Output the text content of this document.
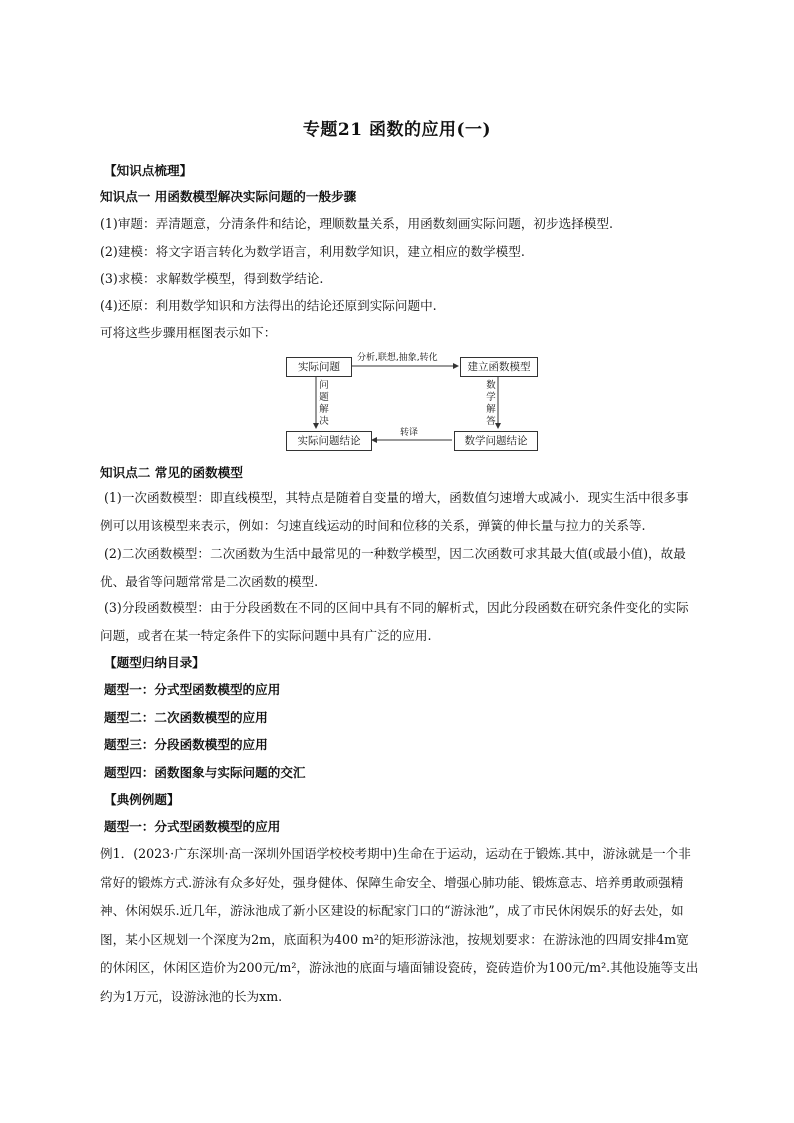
专题21 函数的应用(一)
【知识点梳理】
知识点一 用函数模型解决实际问题的一般步骤
(1)审题：弄清题意，分清条件和结论，理顺数量关系，用函数刻画实际问题，初步选择模型.
(2)建模：将文字语言转化为数学语言，利用数学知识，建立相应的数学模型.
(3)求模：求解数学模型，得到数学结论.
(4)还原：利用数学知识和方法得出的结论还原到实际问题中.
可将这些步骤用框图表示如下：
实际问题	建立函数模型
实际问题结论	数学问题结论
分析,联想,抽象,转化
问题解决
数学解答
转译
知识点二 常见的函数模型
(1)一次函数模型：即直线模型，其特点是随着自变量的增大，函数值匀速增大或减小．现实生活中很多事例可以用该模型来表示，例如：匀速直线运动的时间和位移的关系，弹簧的伸长量与拉力的关系等.
(2)二次函数模型：二次函数为生活中最常见的一种数学模型，因二次函数可求其最大值(或最小值)，故最优、最省等问题常常是二次函数的模型.
(3)分段函数模型：由于分段函数在不同的区间中具有不同的解析式，因此分段函数在研究条件变化的实际问题，或者在某一特定条件下的实际问题中具有广泛的应用.
【题型归纳目录】
题型一：分式型函数模型的应用
题型二：二次函数模型的应用
题型三：分段函数模型的应用
题型四：函数图象与实际问题的交汇
【典例例题】
题型一：分式型函数模型的应用
例1．(2023·广东深圳·高一深圳外国语学校校考期中)生命在于运动，运动在于锻炼.其中，游泳就是一个非常好的锻炼方式.游泳有众多好处，强身健体、保障生命安全、增强心肺功能、锻炼意志、培养勇敢顽强精神、休闲娱乐.近几年，游泳池成了新小区建设的标配家门口的“游泳池”，成了市民休闲娱乐的好去处，如图，某小区规划一个深度为2m，底面积为400 m²的矩形游泳池，按规划要求：在游泳池的四周安排4m宽的休闲区，休闲区造价为200元/m²，游泳池的底面与墙面铺设瓷砖，瓷砖造价为100元/m².其他设施等支出约为1万元，设游泳池的长为xm.
